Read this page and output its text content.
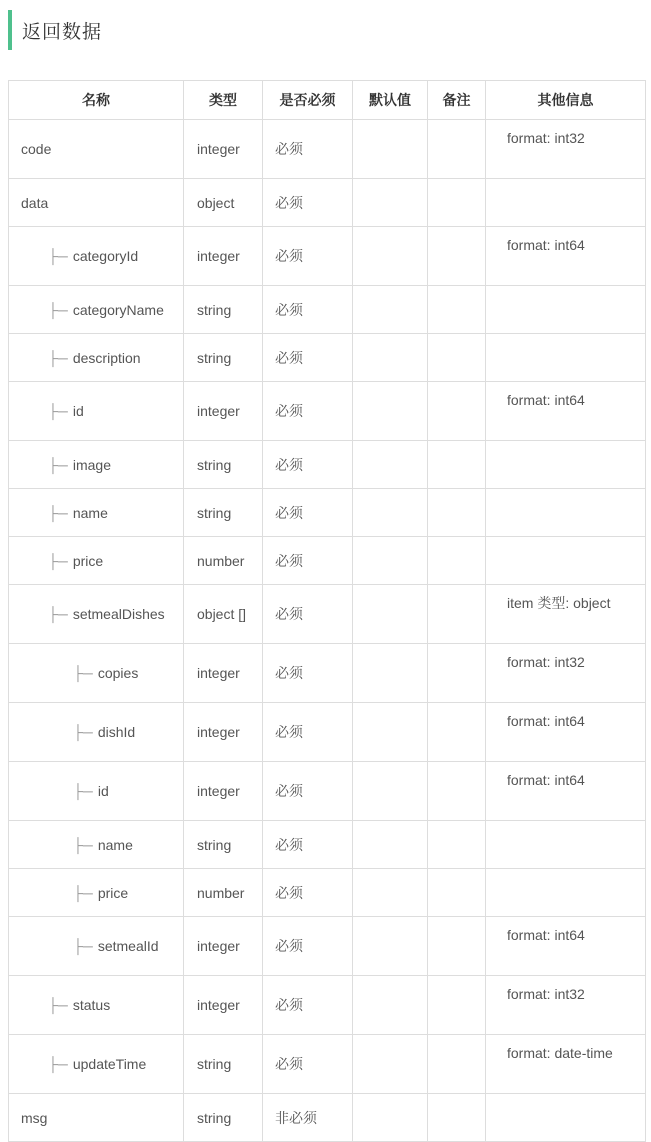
返回数据
名称	类型	是否必须	默认值	备注	其他信息
code	integer	必须			format: int32
data	object	必须			
├─ categoryId	integer	必须			format: int64
├─ categoryName	string	必须			
├─ description	string	必须			
├─ id	integer	必须			format: int64
├─ image	string	必须			
├─ name	string	必须			
├─ price	number	必须			
├─ setmealDishes	object []	必须			item 类型: object
├─ copies	integer	必须			format: int32
├─ dishId	integer	必须			format: int64
├─ id	integer	必须			format: int64
├─ name	string	必须			
├─ price	number	必须			
├─ setmealId	integer	必须			format: int64
├─ status	integer	必须			format: int32
├─ updateTime	string	必须			format: date-time
msg	string	非必须			
